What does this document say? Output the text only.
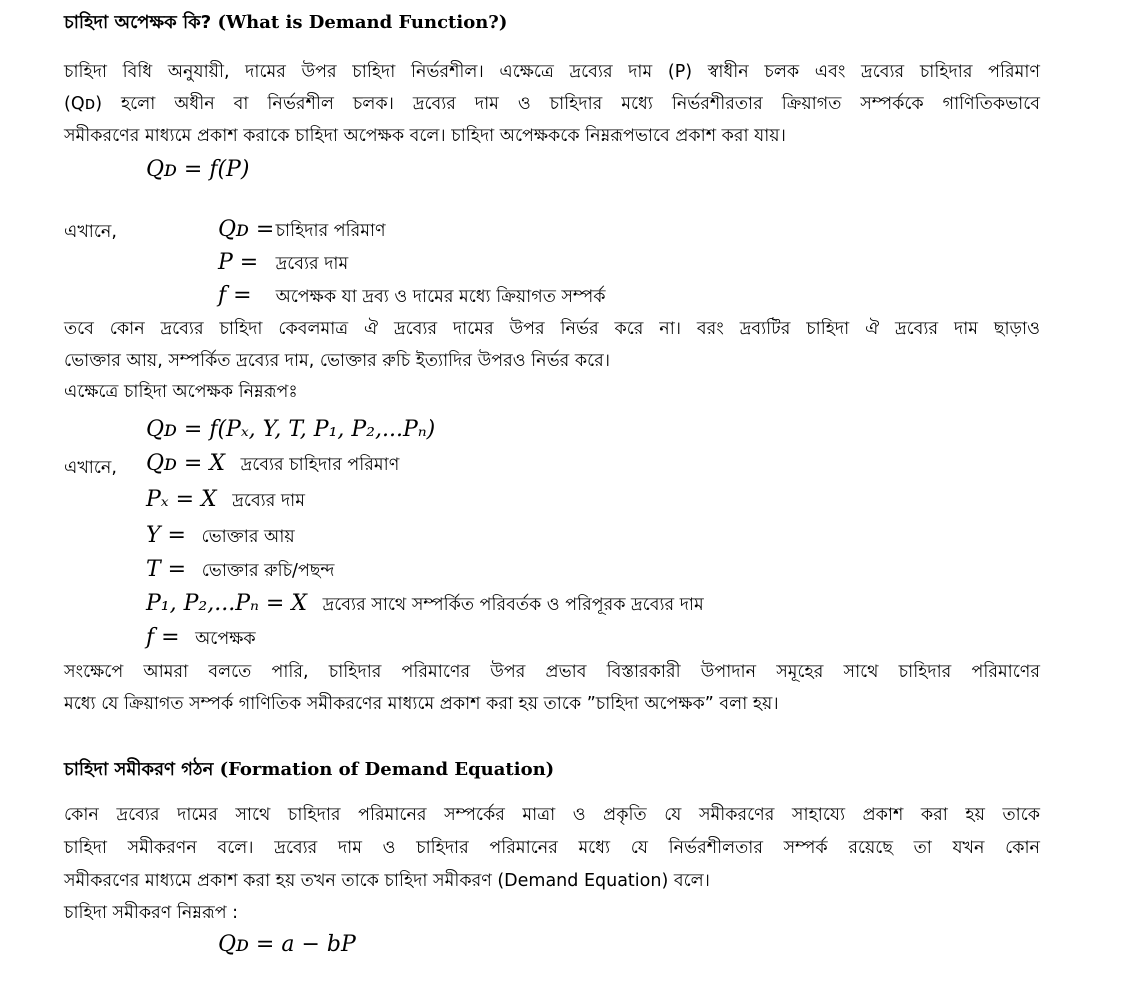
চাহিদা অপেক্ষক কি? (What is Demand Function?)
চাহিদা বিধি অনুযায়ী, দামের উপর চাহিদা নির্ভরশীল। এক্ষেত্রে দ্রব্যের দাম (P) স্বাধীন চলক এবং দ্রব্যের চাহিদার পরিমাণ
(Qᴅ) হলো অধীন বা নির্ভরশীল চলক। দ্রব্যের দাম ও চাহিদার মধ্যে নির্ভরশীরতার ক্রিয়াগত সম্পর্ককে গাণিতিকভাবে
সমীকরণের মাধ্যমে প্রকাশ করাকে চাহিদা অপেক্ষক বলে। চাহিদা অপেক্ষককে নিম্নরূপভাবে প্রকাশ করা যায়।
Qᴅ = f(P)
এখানে,	Qᴅ = চাহিদার পরিমাণ
P = দ্রব্যের দাম
f = অপেক্ষক যা দ্রব্য ও দামের মধ্যে ক্রিয়াগত সম্পর্ক
তবে কোন দ্রব্যের চাহিদা কেবলমাত্র ঐ দ্রব্যের দামের উপর নির্ভর করে না। বরং দ্রব্যটির চাহিদা ঐ দ্রব্যের দাম ছাড়াও
ভোক্তার আয়, সম্পর্কিত দ্রব্যের দাম, ভোক্তার রুচি ইত্যাদির উপরও নির্ভর করে।
এক্ষেত্রে চাহিদা অপেক্ষক নিম্নরূপঃ
Qᴅ = f(Pₓ, Y, T, P₁, P₂,...Pₙ)
এখানে, Qᴅ = X দ্রব্যের চাহিদার পরিমাণ
Pₓ = X দ্রব্যের দাম
Y = ভোক্তার আয়
T = ভোক্তার রুচি/পছন্দ
P₁, P₂,...Pₙ = X দ্রব্যের সাথে সম্পর্কিত পরিবর্তক ও পরিপূরক দ্রব্যের দাম
f = অপেক্ষক
সংক্ষেপে আমরা বলতে পারি, চাহিদার পরিমাণের উপর প্রভাব বিস্তারকারী উপাদান সমূহের সাথে চাহিদার পরিমাণের
মধ্যে যে ক্রিয়াগত সম্পর্ক গাণিতিক সমীকরণের মাধ্যমে প্রকাশ করা হয় তাকে ”চাহিদা অপেক্ষক” বলা হয়।
চাহিদা সমীকরণ গঠন (Formation of Demand Equation)
কোন দ্রব্যের দামের সাথে চাহিদার পরিমানের সম্পর্কের মাত্রা ও প্রকৃতি যে সমীকরণের সাহায্যে প্রকাশ করা হয় তাকে
চাহিদা সমীকরণন বলে। দ্রব্যের দাম ও চাহিদার পরিমানের মধ্যে যে নির্ভরশীলতার সম্পর্ক রয়েছে তা যখন কোন
সমীকরণের মাধ্যমে প্রকাশ করা হয় তখন তাকে চাহিদা সমীকরণ (Demand Equation) বলে।
চাহিদা সমীকরণ নিম্নরূপ :
Qᴅ = a − bP
